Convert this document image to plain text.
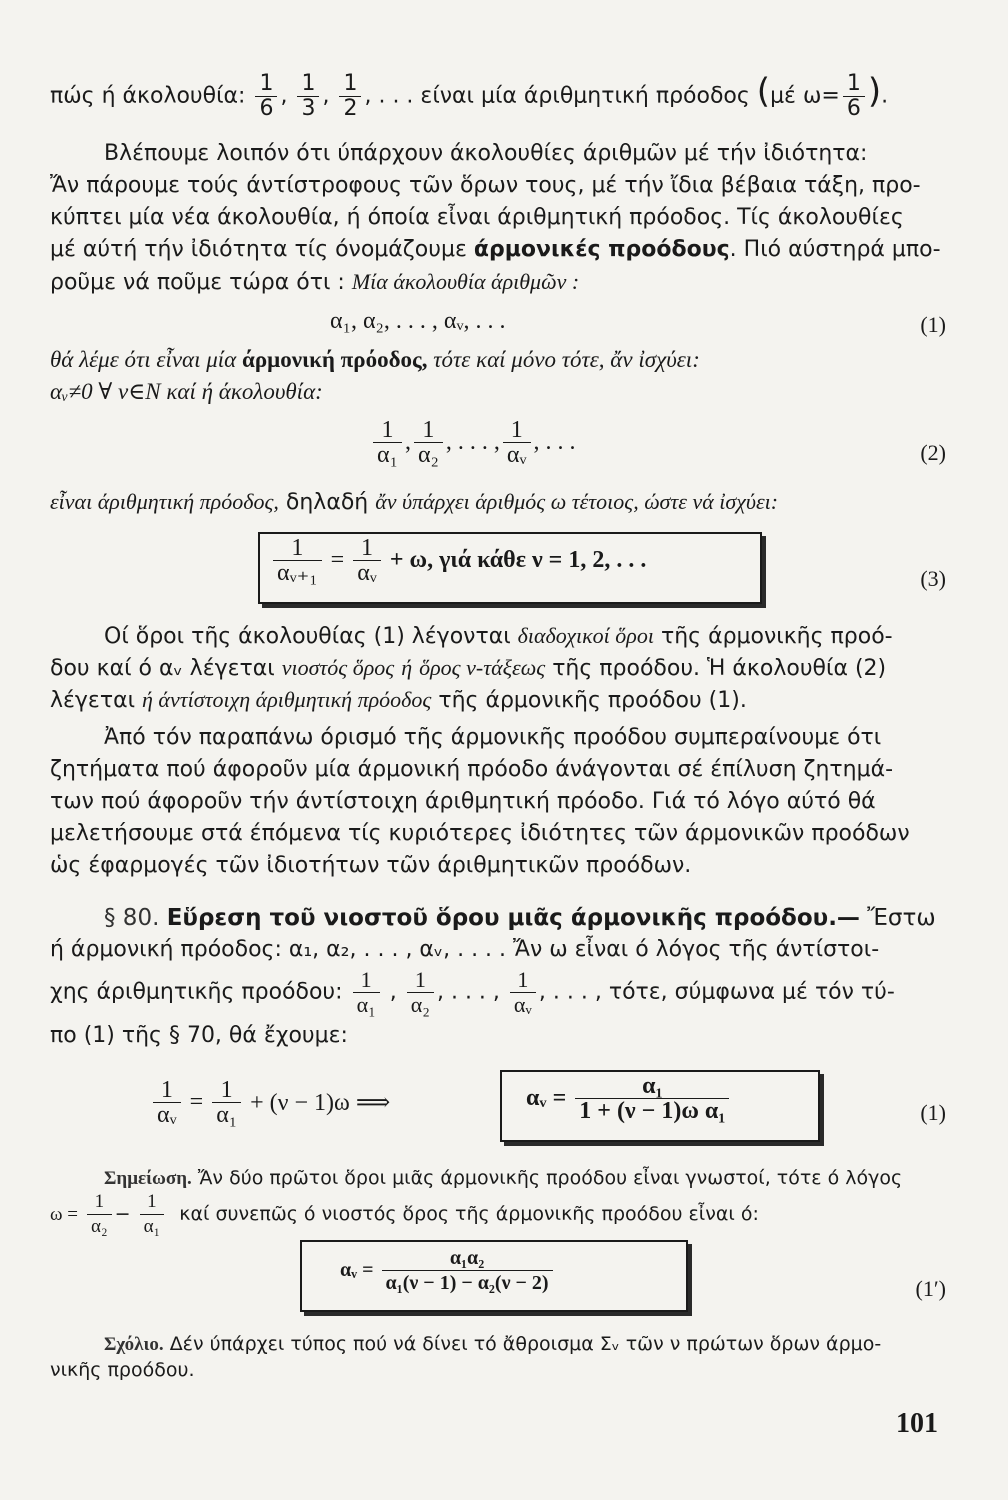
πώς ή άκολουθία: $\frac{1}{6}$ , $\frac{1}{3}$ , $\frac{1}{2}$ , . . . είναι μία άριθμητική πρόοδος (μέ $\omega= \frac{1}{6}$ ).
Βλέπουμε λοιπόν ότι ύπάρχουν άκολουθίες άριθμῶν μέ τήν ἰδιότητα:
Ἄν πάρουμε τούς άντίστροφους τῶν ὅρων τους, μέ τήν ἴδια βέβαια τάξη, προ-
κύπτει μία νέα άκολουθία, ή όποία εἶναι άριθμητική πρόοδος. Τίς άκολουθίες
μέ αύτή τήν ἰδιότητα τίς όνομάζουμε άρμονικές προόδους. Πιό αύστηρά μπο-
ροῦμε νά ποῦμε τώρα ότι : Μία άκολουθία άριθμῶν :
α₁, α₂, . . . , αᵥ, . . .	(1)
θά λέμε ότι εἶναι μία άρμονική πρόοδος, τότε καί μόνο τότε, ἄν ἰσχύει:
αᵥ≠0 ∀ ν∈N καί ή άκολουθία:
$\frac{1}{\text{α₁}}$ , $\frac{1}{\text{α₂}}$ , . . . , $\frac{1}{\text{αᵥ}}$ , . . .	(2)
εἶναι άριθμητική πρόοδος, δηλαδή ἄν ύπάρχει άριθμός ω τέτοιος, ώστε νά ἰσχύει:
$\frac{1}{\text{αᵥ₊₁}}$
=
$\frac{1}{\text{αᵥ}}$
+ ω, γιά κάθε ν = 1, 2, . . .
(3)
Οί ὅροι τῆς άκολουθίας (1) λέγονται διαδοχικοί ὅροι τῆς άρμονικῆς προό-
δου καί ό αᵥ λέγεται νιοστός ὅρος ή ὅρος ν-τάξεως τῆς προόδου. Ἡ άκολουθία (2)
λέγεται ή άντίστοιχη άριθμητική πρόοδος τῆς άρμονικῆς προόδου (1).
Ἀπό τόν παραπάνω όρισμό τῆς άρμονικῆς προόδου συμπεραίνουμε ότι
ζητήματα πού άφοροῦν μία άρμονική πρόοδο άνάγονται σέ έπίλυση ζητημά-
των πού άφοροῦν τήν άντίστοιχη άριθμητική πρόοδο. Γιά τό λόγο αύτό θά
μελετήσουμε στά έπόμενα τίς κυριότερες ἰδιότητες τῶν άρμονικῶν προόδων
ὡς έφαρμογές τῶν ἰδιοτήτων τῶν άριθμητικῶν προόδων.
§ 80. Εὕρεση τοῦ νιοστοῦ ὅρου μιᾶς άρμονικῆς προόδου.— Ἔστω
ή άρμονική πρόοδος: α₁, α₂, . . . , αᵥ, . . . . Ἄν ω εἶναι ό λόγος τῆς άντίστοι-
χης άριθμητικῆς προόδου: $\frac{1}{\text{α₁}}$ , $\frac{1}{\text{α₂}}$ , . . . , $\frac{1}{\text{αᵥ}}$ , . . . , τότε, σύμφωνα μέ τόν τύ-
πο (1) τῆς § 70, θά ἔχουμε:
$\frac{1}{\text{αᵥ}}$
=
$\frac{1}{\text{α₁}}$
+ (ν − 1)ω ⟹	αᵥ =
$\frac{\text{α₁}}{\text{1 + (ν − 1)ω α₁}}$	(1)
Σημείωση. Ἄν δύο πρῶτοι ὅροι μιᾶς άρμονικῆς προόδου εἶναι γνωστοί, τότε ό λόγος
$\omega = \frac{1}{\text{α₂}} - \frac{1}{\text{α₁}}$ καί συνεπῶς ό νιοστός ὅρος τῆς άρμονικῆς προόδου εἶναι ό:
αᵥ =
$\frac{\text{α₁α₂}}{\text{α₁(ν − 1) − α₂(ν − 2)}}$	(1′)
Σχόλιο. Δέν ύπάρχει τύπος πού νά δίνει τό ἄθροισμα Σᵥ τῶν ν πρώτων ὅρων άρμο-
νικῆς προόδου.
101
